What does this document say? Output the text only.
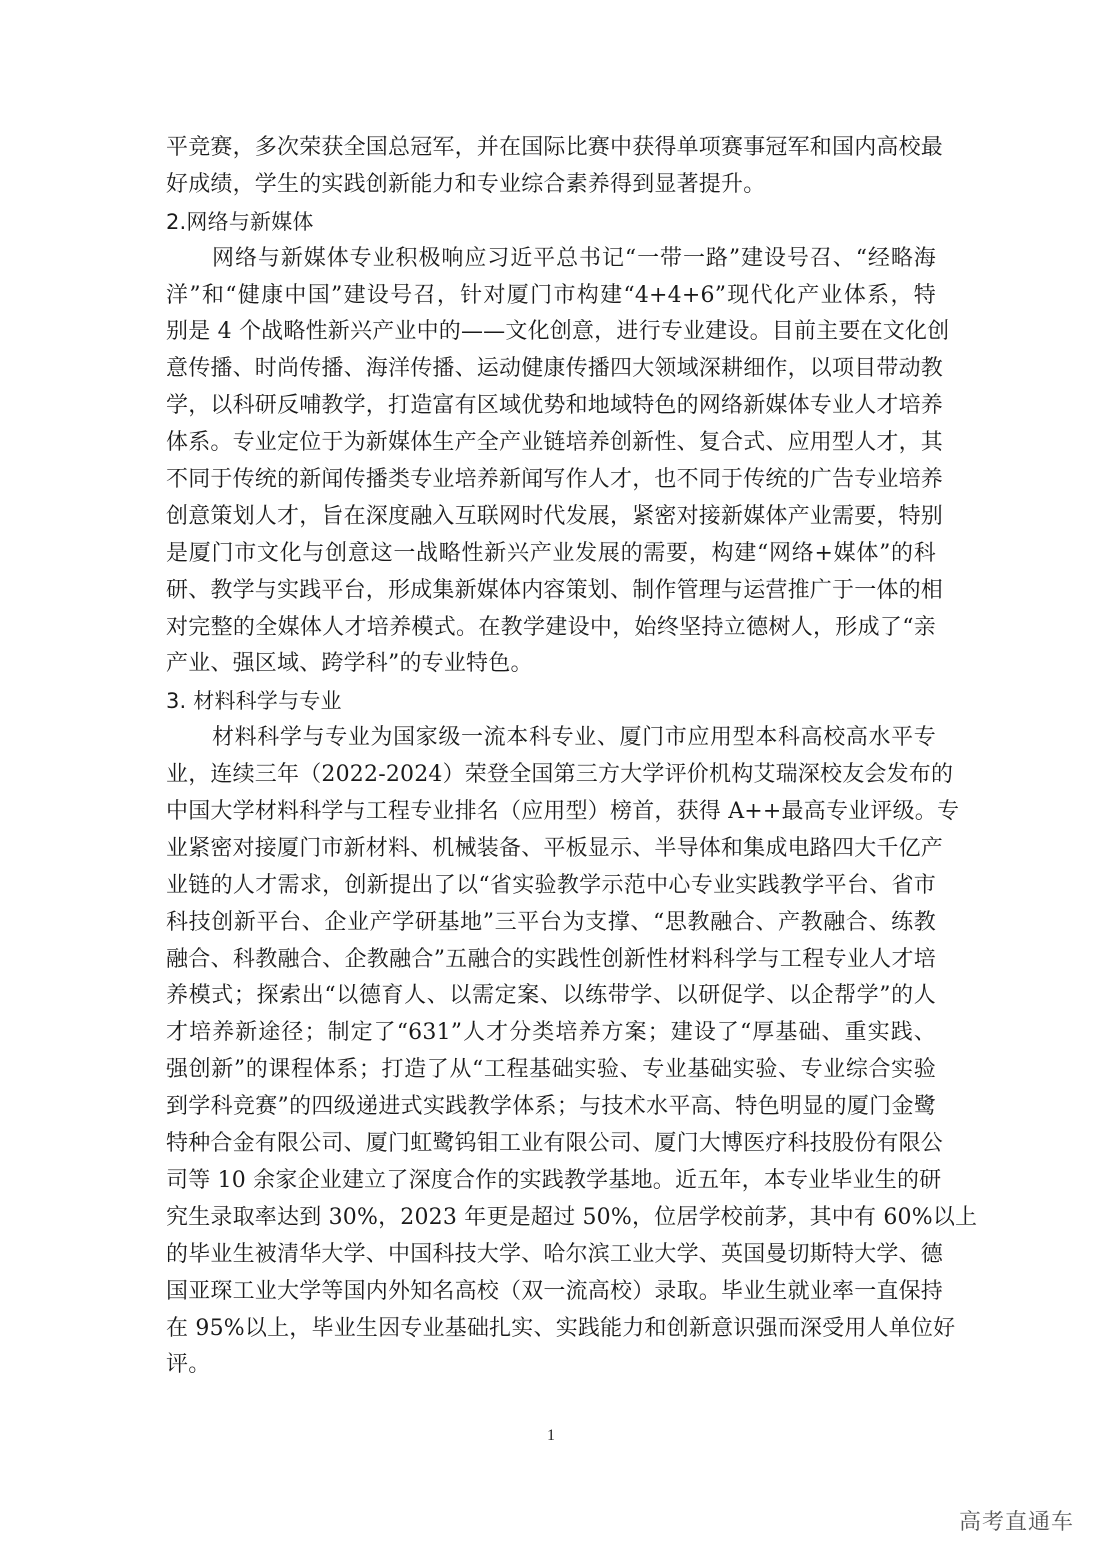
平竞赛，多次荣获全国总冠军，并在国际比赛中获得单项赛事冠军和国内高校最
好成绩，学生的实践创新能力和专业综合素养得到显著提升。
2.网络与新媒体
网络与新媒体专业积极响应习近平总书记“一带一路”建设号召、“经略海
洋”和“健康中国”建设号召，针对厦门市构建“4+4+6”现代化产业体系，特
别是 4 个战略性新兴产业中的——文化创意，进行专业建设。目前主要在文化创
意传播、时尚传播、海洋传播、运动健康传播四大领域深耕细作，以项目带动教
学，以科研反哺教学，打造富有区域优势和地域特色的网络新媒体专业人才培养
体系。专业定位于为新媒体生产全产业链培养创新性、复合式、应用型人才，其
不同于传统的新闻传播类专业培养新闻写作人才，也不同于传统的广告专业培养
创意策划人才，旨在深度融入互联网时代发展，紧密对接新媒体产业需要，特别
是厦门市文化与创意这一战略性新兴产业发展的需要，构建“网络+媒体”的科
研、教学与实践平台，形成集新媒体内容策划、制作管理与运营推广于一体的相
对完整的全媒体人才培养模式。在教学建设中，始终坚持立德树人，形成了“亲
产业、强区域、跨学科”的专业特色。
3. 材料科学与专业
材料科学与专业为国家级一流本科专业、厦门市应用型本科高校高水平专
业，连续三年（2022-2024）荣登全国第三方大学评价机构艾瑞深校友会发布的
中国大学材料科学与工程专业排名（应用型）榜首，获得 A++最高专业评级。专
业紧密对接厦门市新材料、机械装备、平板显示、半导体和集成电路四大千亿产
业链的人才需求，创新提出了以“省实验教学示范中心专业实践教学平台、省市
科技创新平台、企业产学研基地”三平台为支撑、“思教融合、产教融合、练教
融合、科教融合、企教融合”五融合的实践性创新性材料科学与工程专业人才培
养模式；探索出“以德育人、以需定案、以练带学、以研促学、以企帮学”的人
才培养新途径；制定了“631”人才分类培养方案；建设了“厚基础、重实践、
强创新”的课程体系；打造了从“工程基础实验、专业基础实验、专业综合实验
到学科竞赛”的四级递进式实践教学体系；与技术水平高、特色明显的厦门金鹭
特种合金有限公司、厦门虹鹭钨钼工业有限公司、厦门大博医疗科技股份有限公
司等 10 余家企业建立了深度合作的实践教学基地。近五年，本专业毕业生的研
究生录取率达到 30%，2023 年更是超过 50%，位居学校前茅，其中有 60%以上
的毕业生被清华大学、中国科技大学、哈尔滨工业大学、英国曼切斯特大学、德
国亚琛工业大学等国内外知名高校（双一流高校）录取。毕业生就业率一直保持
在 95%以上，毕业生因专业基础扎实、实践能力和创新意识强而深受用人单位好
评。
1
高考直通车
